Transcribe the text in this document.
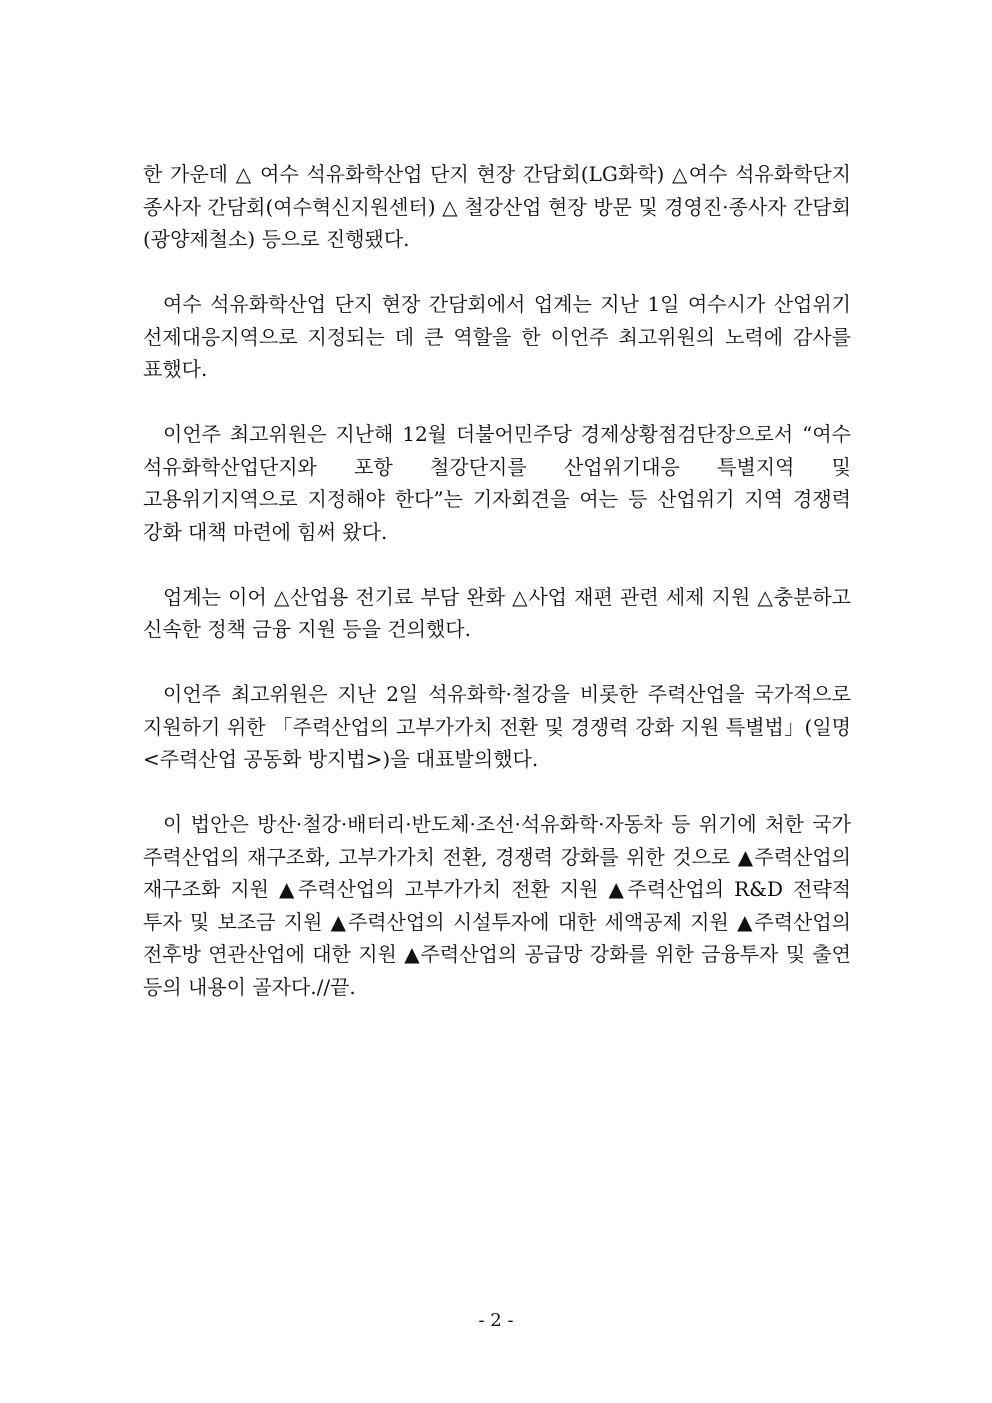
한 가운데 △ 여수 석유화학산업 단지 현장 간담회(LG화학) △여수 석유화학단지 종사자 간담회(여수혁신지원센터) △ 철강산업 현장 방문 및 경영진·종사자 간담회(광양제철소) 등으로 진행됐다.

여수 석유화학산업 단지 현장 간담회에서 업계는 지난 1일 여수시가 산업위기 선제대응지역으로 지정되는 데 큰 역할을 한 이언주 최고위원의 노력에 감사를 표했다.

이언주 최고위원은 지난해 12월 더불어민주당 경제상황점검단장으로서 “여수 석유화학산업단지와 포항 철강단지를 산업위기대응 특별지역 및 고용위기지역으로 지정해야 한다”는 기자회견을 여는 등 산업위기 지역 경쟁력 강화 대책 마련에 힘써 왔다.

업계는 이어 △산업용 전기료 부담 완화 △사업 재편 관련 세제 지원 △충분하고 신속한 정책 금융 지원 등을 건의했다.

이언주 최고위원은 지난 2일 석유화학·철강을 비롯한 주력산업을 국가적으로 지원하기 위한 「주력산업의 고부가가치 전환 및 경쟁력 강화 지원 특별법」(일명 <주력산업 공동화 방지법>)을 대표발의했다.

이 법안은 방산·철강·배터리·반도체·조선·석유화학·자동차 등 위기에 처한 국가 주력산업의 재구조화, 고부가가치 전환, 경쟁력 강화를 위한 것으로 ▲주력산업의 재구조화 지원 ▲주력산업의 고부가가치 전환 지원 ▲주력산업의 R&D 전략적 투자 및 보조금 지원 ▲주력산업의 시설투자에 대한 세액공제 지원 ▲주력산업의 전후방 연관산업에 대한 지원 ▲주력산업의 공급망 강화를 위한 금융투자 및 출연 등의 내용이 골자다.//끝.

- 2 -
